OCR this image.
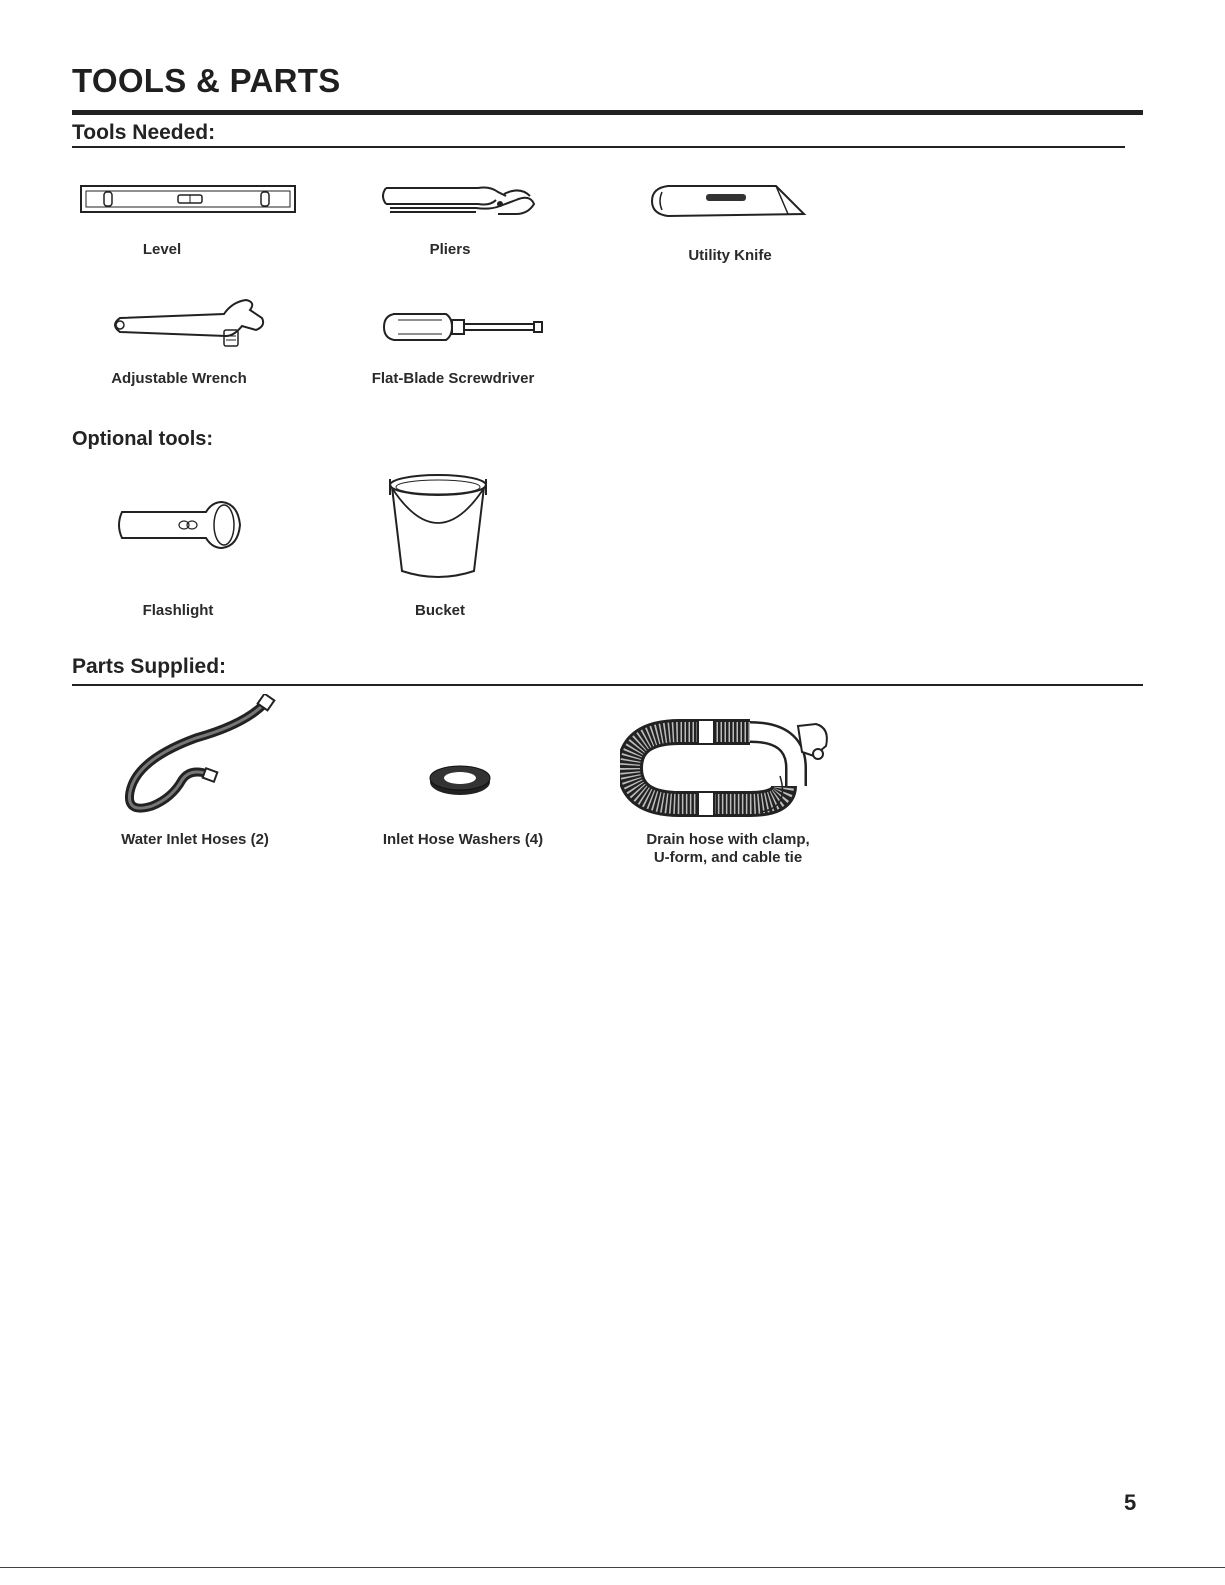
TOOLS & PARTS
Tools Needed:
Level	Pliers	Utility Knife
Adjustable Wrench	Flat-Blade Screwdriver
Optional tools:
Flashlight	Bucket
Parts Supplied:
Water Inlet Hoses (2)	Inlet Hose Washers (4)	Drain hose with clamp,
U-form, and cable tie
5
